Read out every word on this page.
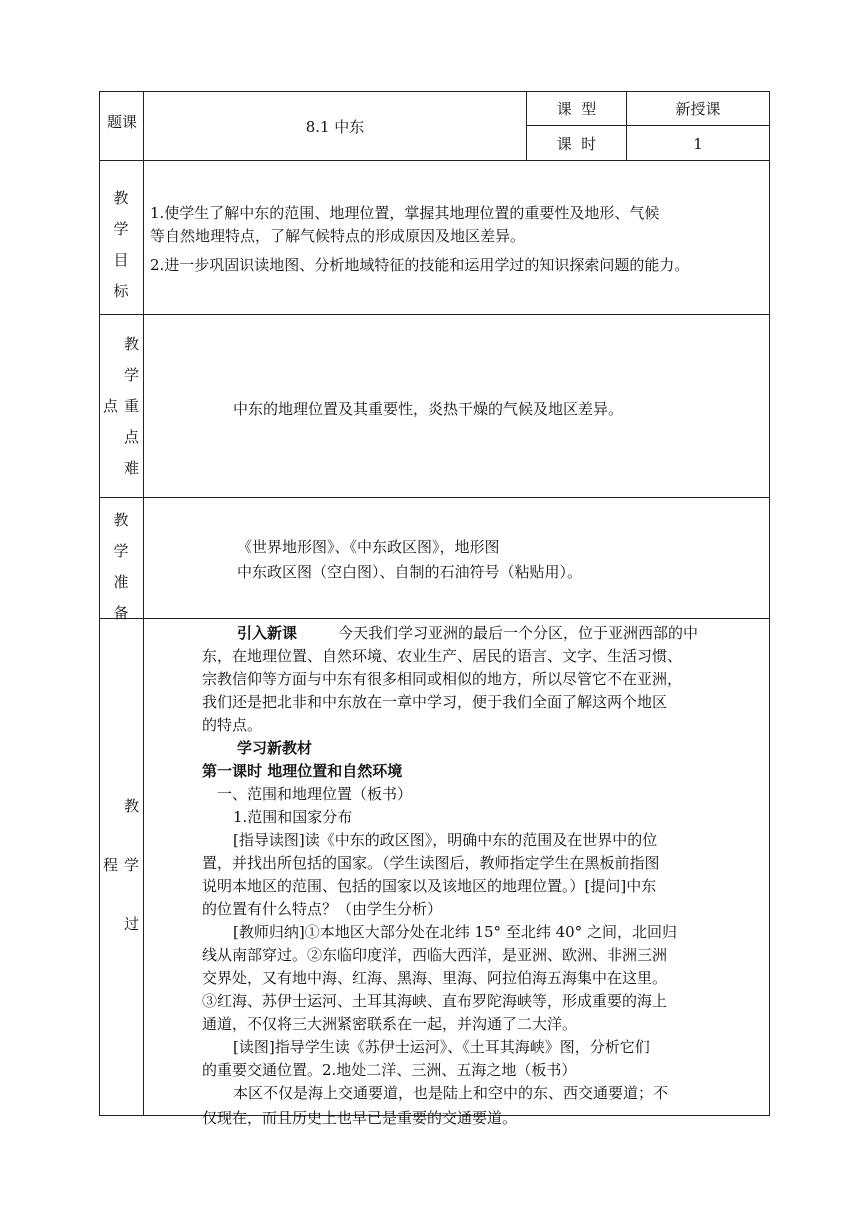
课题	8.1 中东
课  型	新授课
课  时	1
教学目标 1.使学生了解中东的范围、地理位置，掌握其地理位置的重要性及地形、气候
等自然地理特点，了解气候特点的形成原因及地区差异。
2.进一步巩固识读地图、分析地域特征的技能和运用学过的知识探索问题的能力。
教学重点难点	中东的地理位置及其重要性，炎热干燥的气候及地区差异。
教学准备	《世界地形图》、《中东政区图》，地形图
中东政区图（空白图）、自制的石油符号（粘贴用）。
教学过程
引入新课	今天我们学习亚洲的最后一个分区，位于亚洲西部的中
东，在地理位置、自然环境、农业生产、居民的语言、文字、生活习惯、
宗教信仰等方面与中东有很多相同或相似的地方，所以尽管它不在亚洲，
我们还是把北非和中东放在一章中学习，便于我们全面了解这两个地区
的特点。
学习新教材
第一课时 地理位置和自然环境
一、范围和地理位置（板书）
1.范围和国家分布
[指导读图]读《中东的政区图》，明确中东的范围及在世界中的位
置，并找出所包括的国家。（学生读图后，教师指定学生在黑板前指图
说明本地区的范围、包括的国家以及该地区的地理位置。）[提问]中东
的位置有什么特点？（由学生分析）
[教师归纳]①本地区大部分处在北纬 15° 至北纬 40° 之间，北回归
线从南部穿过。②东临印度洋，西临大西洋，是亚洲、欧洲、非洲三洲
交界处，又有地中海、红海、黑海、里海、阿拉伯海五海集中在这里。
③红海、苏伊士运河、土耳其海峡、直布罗陀海峡等，形成重要的海上
通道，不仅将三大洲紧密联系在一起，并沟通了二大洋。
[读图]指导学生读《苏伊士运河》、《土耳其海峡》图，分析它们
的重要交通位置。2.地处二洋、三洲、五海之地（板书）
本区不仅是海上交通要道，也是陆上和空中的东、西交通要道；不
仅现在，而且历史上也早已是重要的交通要道。
